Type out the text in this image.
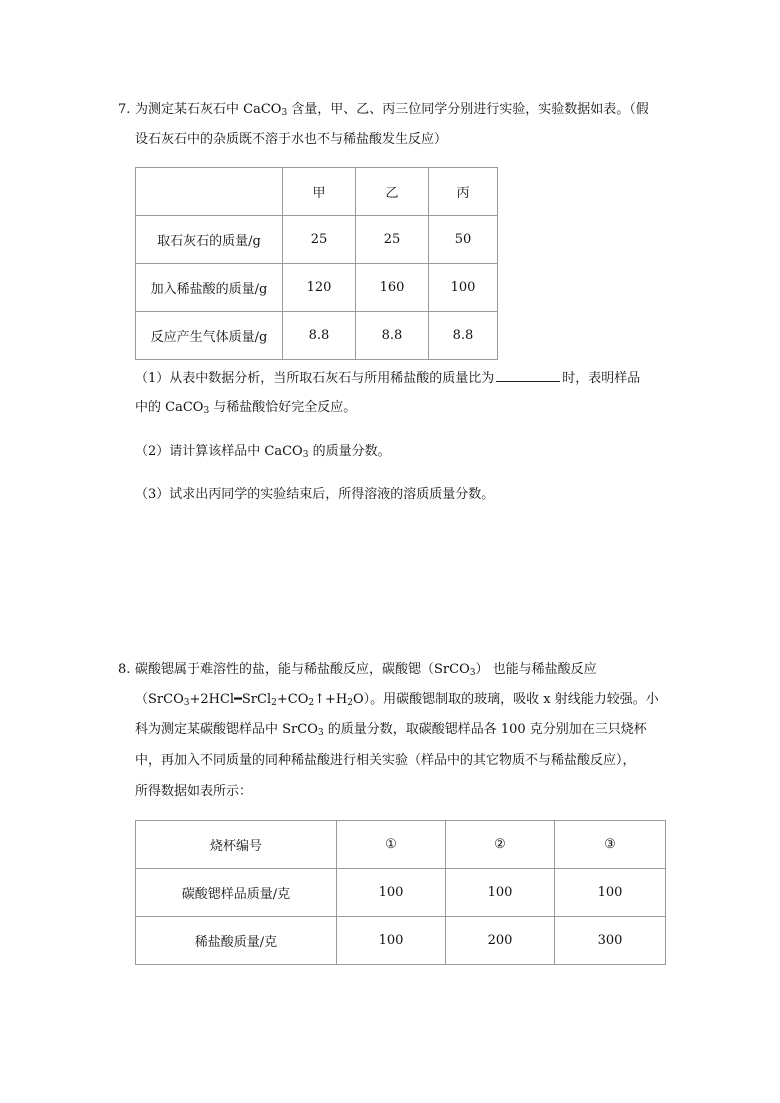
7. 为测定某石灰石中 CaCO$_3$ 含量，甲、乙、丙三位同学分别进行实验，实验数据如表。（假
设石灰石中的杂质既不溶于水也不与稀盐酸发生反应）
	甲	乙	丙
取石灰石的质量/g	25	25	50
加入稀盐酸的质量/g	120	160	100
反应产生气体质量/g	8.8	8.8	8.8
（1）从表中数据分析，当所取石灰石与所用稀盐酸的质量比为	时，表明样品
中的 CaCO$_3$ 与稀盐酸恰好完全反应。
（2）请计算该样品中 CaCO$_3$ 的质量分数。
（3）试求出丙同学的实验结束后，所得溶液的溶质质量分数。
8. 碳酸锶属于难溶性的盐，能与稀盐酸反应，碳酸锶（SrCO$_3$） 也能与稀盐酸反应
$(SrCO_3+2HCl━SrCl_2+CO_2↑+H_2O)$。用碳酸锶制取的玻璃，吸收 x 射线能力较强。小
科为测定某碳酸锶样品中 SrCO$_3$ 的质量分数，取碳酸锶样品各 100 克分别加在三只烧杯
中，再加入不同质量的同种稀盐酸进行相关实验（样品中的其它物质不与稀盐酸反应），
所得数据如表所示：
烧杯编号	①	②	③
碳酸锶样品质量/克	100	100	100
稀盐酸质量/克	100	200	300
